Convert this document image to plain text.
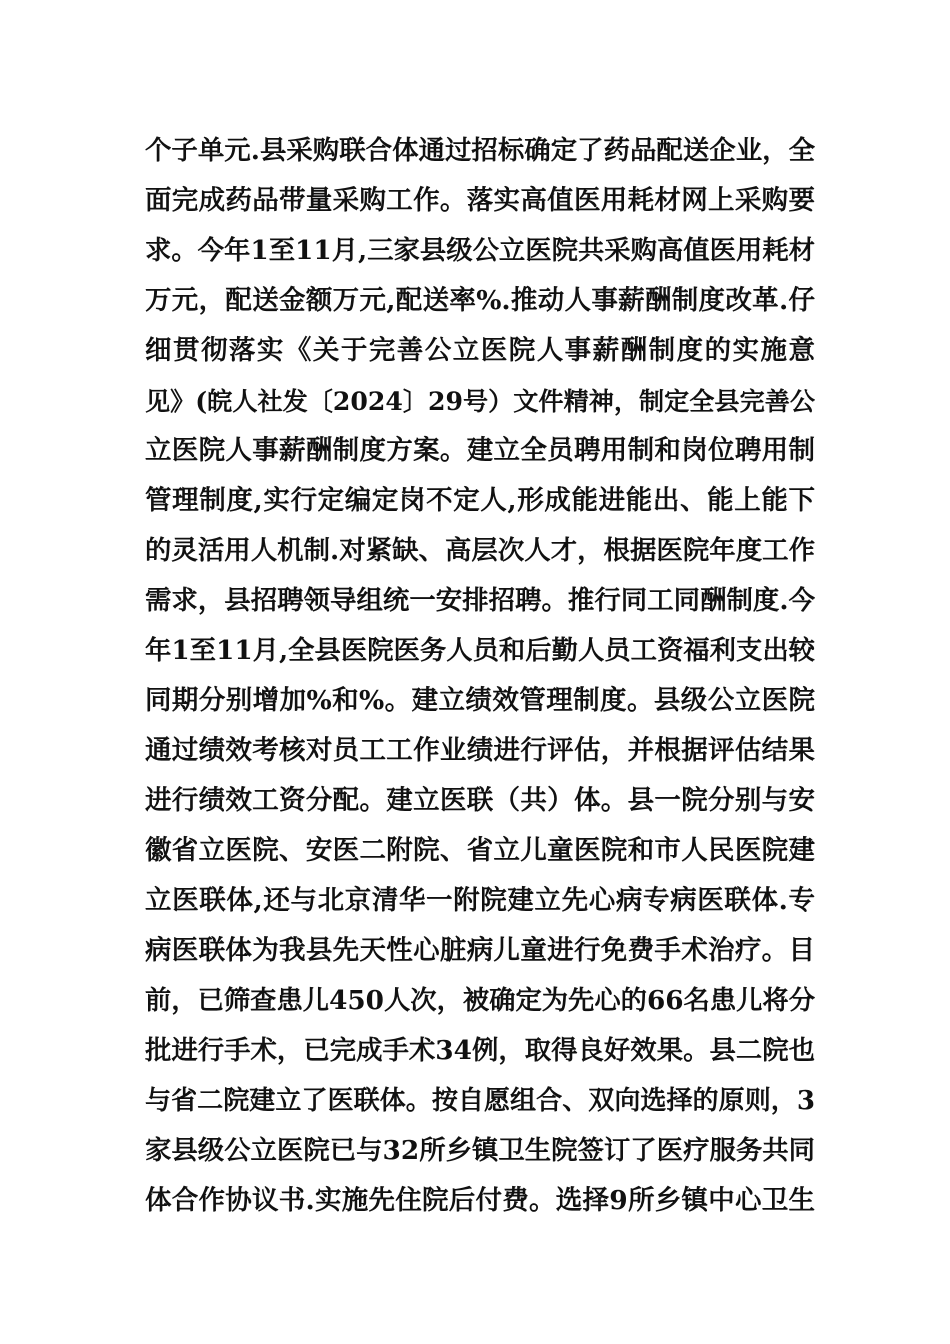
个子单元.县采购联合体通过招标确定了药品配送企业，全
面完成药品带量采购工作。落实高值医用耗材网上采购要
求。今年1至11月,三家县级公立医院共采购高值医用耗材
万元，配送金额万元,配送率%.推动人事薪酬制度改革.仔
细贯彻落实《关于完善公立医院人事薪酬制度的实施意
见》(皖人社发〔2024〕29号）文件精神，制定全县完善公
立医院人事薪酬制度方案。建立全员聘用制和岗位聘用制
管理制度,实行定编定岗不定人,形成能进能出、能上能下
的灵活用人机制.对紧缺、高层次人才，根据医院年度工作
需求，县招聘领导组统一安排招聘。推行同工同酬制度.今
年1至11月,全县医院医务人员和后勤人员工资福利支出较
同期分别增加%和%。建立绩效管理制度。县级公立医院
通过绩效考核对员工工作业绩进行评估，并根据评估结果
进行绩效工资分配。建立医联（共）体。县一院分别与安
徽省立医院、安医二附院、省立儿童医院和市人民医院建
立医联体,还与北京清华一附院建立先心病专病医联体.专
病医联体为我县先天性心脏病儿童进行免费手术治疗。目
前，已筛查患儿450人次，被确定为先心的66名患儿将分
批进行手术，已完成手术34例，取得良好效果。县二院也
与省二院建立了医联体。按自愿组合、双向选择的原则，3
家县级公立医院已与32所乡镇卫生院签订了医疗服务共同
体合作协议书.实施先住院后付费。选择9所乡镇中心卫生
